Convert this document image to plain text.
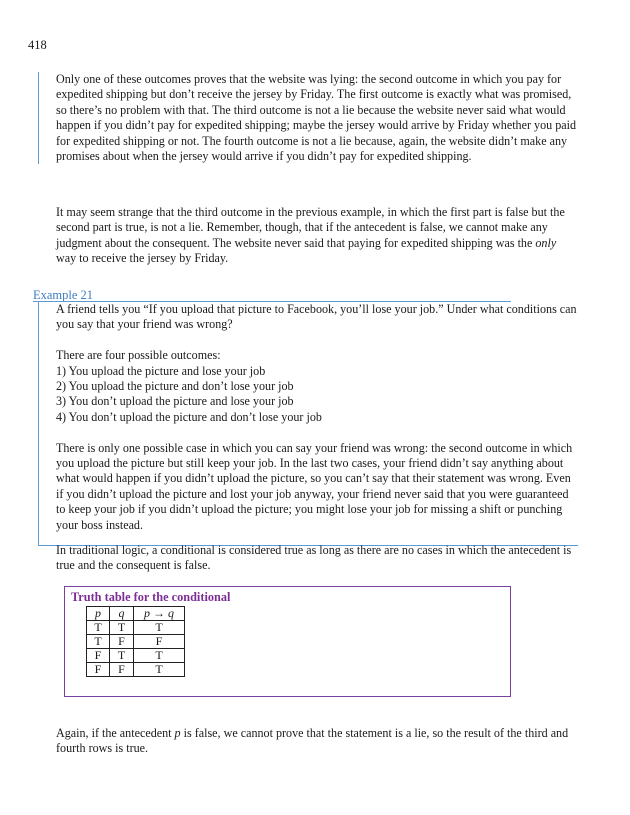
418

Only one of these outcomes proves that the website was lying: the second outcome in which you pay for expedited shipping but don’t receive the jersey by Friday. The first outcome is exactly what was promised, so there’s no problem with that. The third outcome is not a lie because the website never said what would happen if you didn’t pay for expedited shipping; maybe the jersey would arrive by Friday whether you paid for expedited shipping or not. The fourth outcome is not a lie because, again, the website didn’t make any promises about when the jersey would arrive if you didn’t pay for expedited shipping.

It may seem strange that the third outcome in the previous example, in which the first part is false but the second part is true, is not a lie. Remember, though, that if the antecedent is false, we cannot make any judgment about the consequent. The website never said that paying for expedited shipping was the only way to receive the jersey by Friday.

Example 21

A friend tells you “If you upload that picture to Facebook, you’ll lose your job.” Under what conditions can you say that your friend was wrong?

There are four possible outcomes:

1) You upload the picture and lose your job

2) You upload the picture and don’t lose your job

3) You don’t upload the picture and lose your job

4) You don’t upload the picture and don’t lose your job

There is only one possible case in which you can say your friend was wrong: the second outcome in which you upload the picture but still keep your job. In the last two cases, your friend didn’t say anything about what would happen if you didn’t upload the picture, so you can’t say that their statement was wrong. Even if you didn’t upload the picture and lost your job anyway, your friend never said that you were guaranteed to keep your job if you didn’t upload the picture; you might lose your job for missing a shift or punching your boss instead.

In traditional logic, a conditional is considered true as long as there are no cases in which the antecedent is true and the consequent is false.

Truth table for the conditional
p	q	p → q
T	T	T
T	F	F
F	T	T
F	F	T

Again, if the antecedent p is false, we cannot prove that the statement is a lie, so the result of the third and fourth rows is true.
